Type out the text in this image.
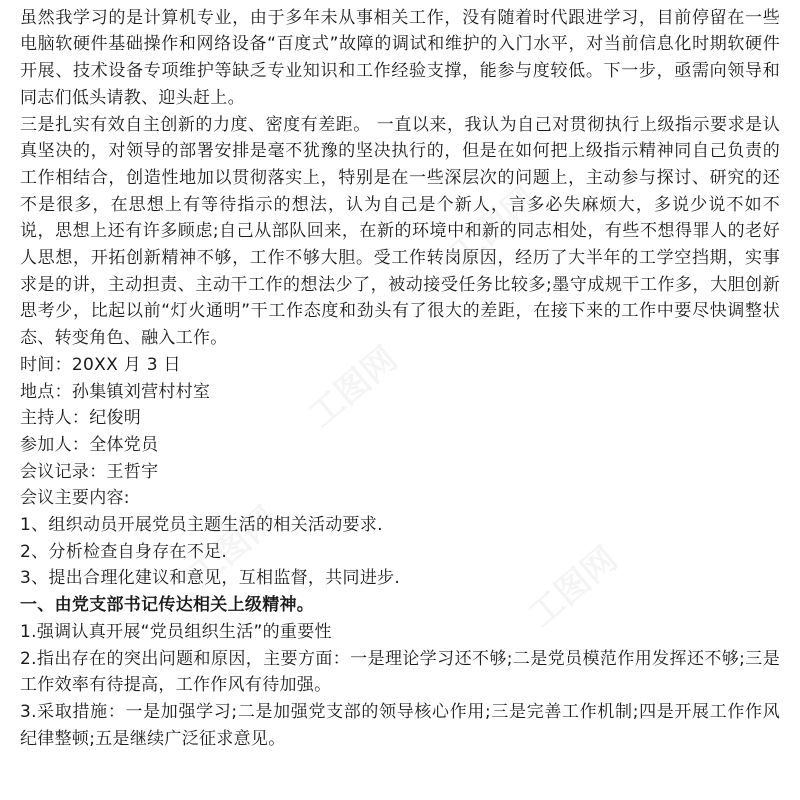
虽然我学习的是计算机专业，由于多年未从事相关工作，没有随着时代跟进学习，目前停留在一些电脑软硬件基础操作和网络设备“百度式”故障的调试和维护的入门水平，对当前信息化时期软硬件开展、技术设备专项维护等缺乏专业知识和工作经验支撑，能参与度较低。下一步，亟需向领导和同志们低头请教、迎头赶上。

三是扎实有效自主创新的力度、密度有差距。 一直以来，我认为自己对贯彻执行上级指示要求是认真坚决的，对领导的部署安排是毫不犹豫的坚决执行的，但是在如何把上级指示精神同自己负责的工作相结合，创造性地加以贯彻落实上，特别是在一些深层次的问题上，主动参与探讨、研究的还不是很多，在思想上有等待指示的想法，认为自己是个新人，言多必失麻烦大，多说少说不如不说，思想上还有许多顾虑;自己从部队回来，在新的环境中和新的同志相处，有些不想得罪人的老好人思想，开拓创新精神不够，工作不够大胆。受工作转岗原因，经历了大半年的工学空挡期，实事求是的讲，主动担责、主动干工作的想法少了，被动接受任务比较多;墨守成规干工作多，大胆创新思考少，比起以前“灯火通明”干工作态度和劲头有了很大的差距，在接下来的工作中要尽快调整状态、转变角色、融入工作。

时间：20XX 月 3 日

地点：孙集镇刘营村村室

主持人：纪俊明

参加人：全体党员

会议记录：王哲宇

会议主要内容:

1、组织动员开展党员主题生活的相关活动要求.

2、分析检查自身存在不足.

3、提出合理化建议和意见，互相监督，共同进步.

一、由党支部书记传达相关上级精神。

1.强调认真开展“党员组织生活”的重要性

2.指出存在的突出问题和原因，主要方面：一是理论学习还不够;二是党员模范作用发挥还不够;三是工作效率有待提高，工作作风有待加强。

3.采取措施：一是加强学习;二是加强党支部的领导核心作用;三是完善工作机制;四是开展工作作风纪律整顿;五是继续广泛征求意见。
